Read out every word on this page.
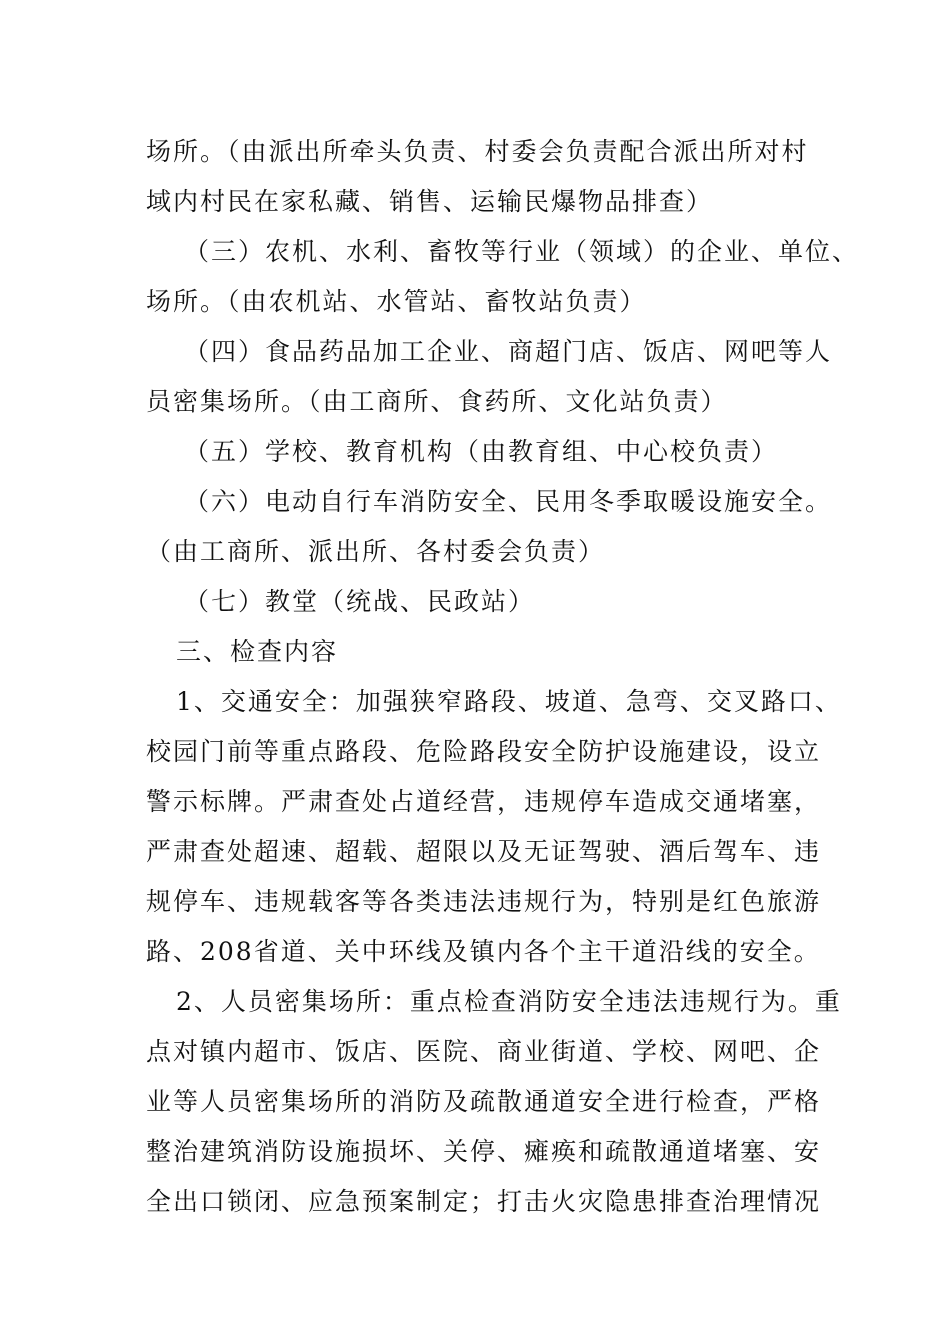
场所。（由派出所牵头负责、村委会负责配合派出所对村
域内村民在家私藏、销售、运输民爆物品排查）
（三）农机、水利、畜牧等行业（领域）的企业、单位、
场所。（由农机站、水管站、畜牧站负责）
（四）食品药品加工企业、商超门店、饭店、网吧等人
员密集场所。（由工商所、食药所、文化站负责）
（五）学校、教育机构（由教育组、中心校负责）
（六）电动自行车消防安全、民用冬季取暖设施安全。
（由工商所、派出所、各村委会负责）
（七）教堂（统战、民政站）
三、检查内容
1、交通安全：加强狭窄路段、坡道、急弯、交叉路口、
校园门前等重点路段、危险路段安全防护设施建设，设立
警示标牌。严肃查处占道经营，违规停车造成交通堵塞，
严肃查处超速、超载、超限以及无证驾驶、酒后驾车、违
规停车、违规载客等各类违法违规行为，特别是红色旅游
路、208省道、关中环线及镇内各个主干道沿线的安全。
2、人员密集场所：重点检查消防安全违法违规行为。重
点对镇内超市、饭店、医院、商业街道、学校、网吧、企
业等人员密集场所的消防及疏散通道安全进行检查，严格
整治建筑消防设施损坏、关停、瘫痪和疏散通道堵塞、安
全出口锁闭、应急预案制定；打击火灾隐患排查治理情况
